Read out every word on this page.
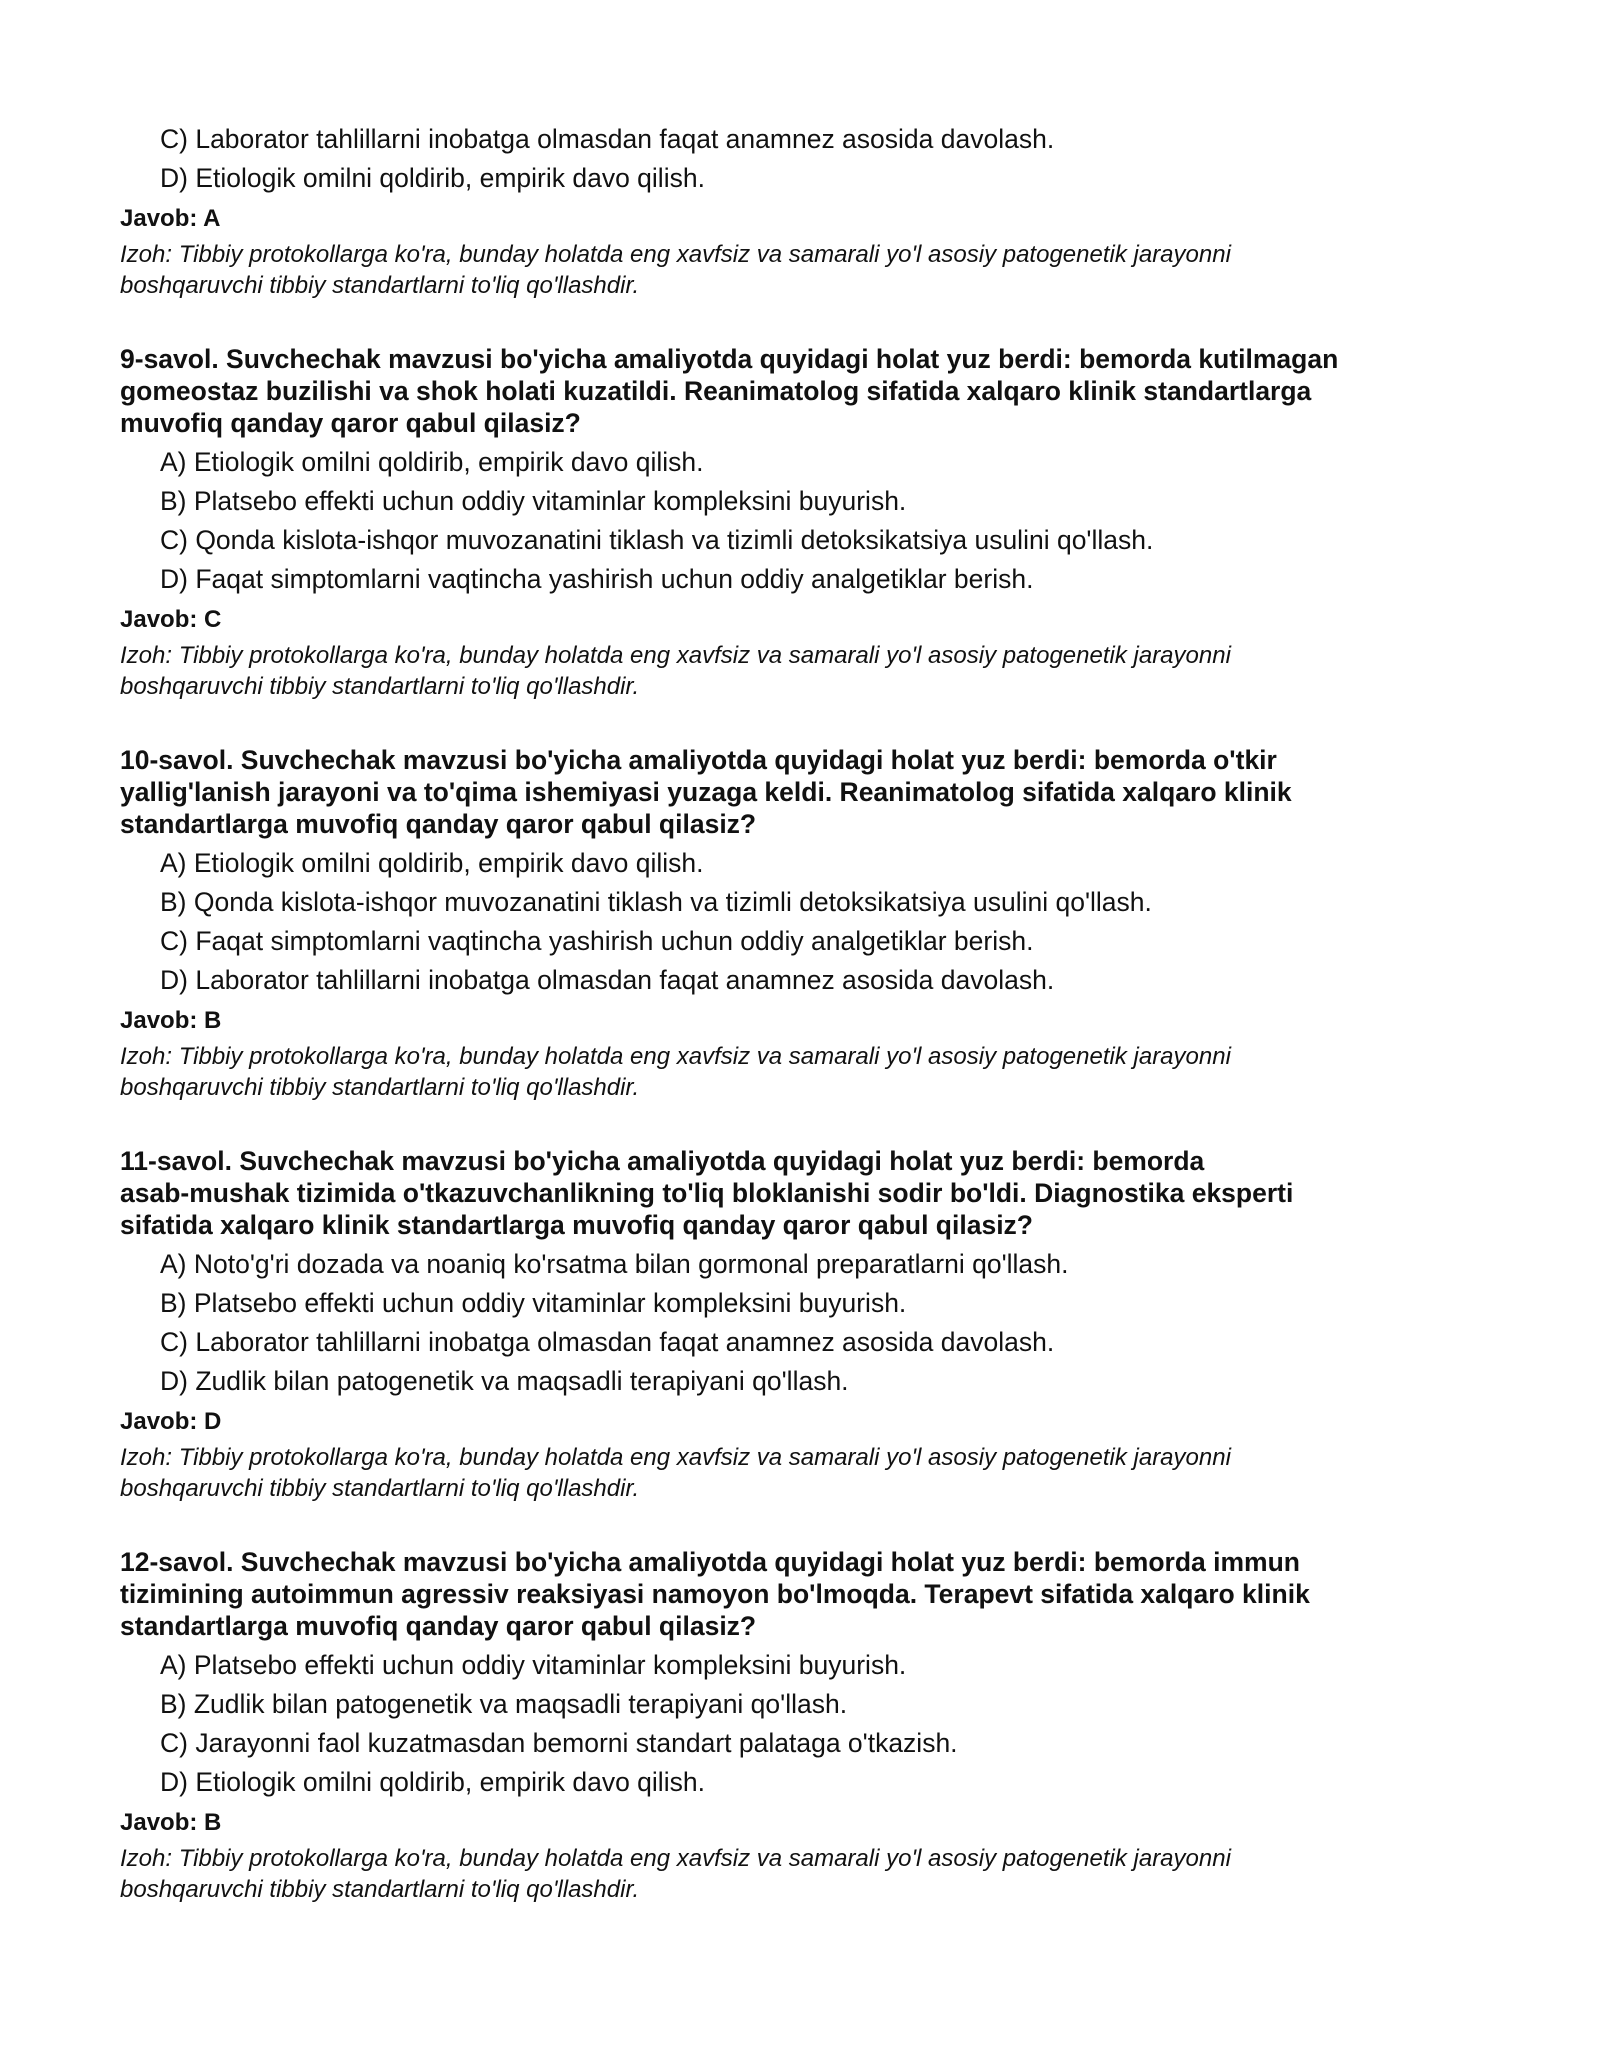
C) Laborator tahlillarni inobatga olmasdan faqat anamnez asosida davolash.
D) Etiologik omilni qoldirib, empirik davo qilish.
Javob: A
Izoh: Tibbiy protokollarga ko'ra, bunday holatda eng xavfsiz va samarali yo'l asosiy patogenetik jarayonni
boshqaruvchi tibbiy standartlarni to'liq qo'llashdir.
9-savol. Suvchechak mavzusi bo'yicha amaliyotda quyidagi holat yuz berdi: bemorda kutilmagan
gomeostaz buzilishi va shok holati kuzatildi. Reanimatolog sifatida xalqaro klinik standartlarga
muvofiq qanday qaror qabul qilasiz?
A) Etiologik omilni qoldirib, empirik davo qilish.
B) Platsebo effekti uchun oddiy vitaminlar kompleksini buyurish.
C) Qonda kislota-ishqor muvozanatini tiklash va tizimli detoksikatsiya usulini qo'llash.
D) Faqat simptomlarni vaqtincha yashirish uchun oddiy analgetiklar berish.
Javob: C
Izoh: Tibbiy protokollarga ko'ra, bunday holatda eng xavfsiz va samarali yo'l asosiy patogenetik jarayonni
boshqaruvchi tibbiy standartlarni to'liq qo'llashdir.
10-savol. Suvchechak mavzusi bo'yicha amaliyotda quyidagi holat yuz berdi: bemorda o'tkir
yallig'lanish jarayoni va to'qima ishemiyasi yuzaga keldi. Reanimatolog sifatida xalqaro klinik
standartlarga muvofiq qanday qaror qabul qilasiz?
A) Etiologik omilni qoldirib, empirik davo qilish.
B) Qonda kislota-ishqor muvozanatini tiklash va tizimli detoksikatsiya usulini qo'llash.
C) Faqat simptomlarni vaqtincha yashirish uchun oddiy analgetiklar berish.
D) Laborator tahlillarni inobatga olmasdan faqat anamnez asosida davolash.
Javob: B
Izoh: Tibbiy protokollarga ko'ra, bunday holatda eng xavfsiz va samarali yo'l asosiy patogenetik jarayonni
boshqaruvchi tibbiy standartlarni to'liq qo'llashdir.
11-savol. Suvchechak mavzusi bo'yicha amaliyotda quyidagi holat yuz berdi: bemorda
asab-mushak tizimida o'tkazuvchanlikning to'liq bloklanishi sodir bo'ldi. Diagnostika eksperti
sifatida xalqaro klinik standartlarga muvofiq qanday qaror qabul qilasiz?
A) Noto'g'ri dozada va noaniq ko'rsatma bilan gormonal preparatlarni qo'llash.
B) Platsebo effekti uchun oddiy vitaminlar kompleksini buyurish.
C) Laborator tahlillarni inobatga olmasdan faqat anamnez asosida davolash.
D) Zudlik bilan patogenetik va maqsadli terapiyani qo'llash.
Javob: D
Izoh: Tibbiy protokollarga ko'ra, bunday holatda eng xavfsiz va samarali yo'l asosiy patogenetik jarayonni
boshqaruvchi tibbiy standartlarni to'liq qo'llashdir.
12-savol. Suvchechak mavzusi bo'yicha amaliyotda quyidagi holat yuz berdi: bemorda immun
tizimining autoimmun agressiv reaksiyasi namoyon bo'lmoqda. Terapevt sifatida xalqaro klinik
standartlarga muvofiq qanday qaror qabul qilasiz?
A) Platsebo effekti uchun oddiy vitaminlar kompleksini buyurish.
B) Zudlik bilan patogenetik va maqsadli terapiyani qo'llash.
C) Jarayonni faol kuzatmasdan bemorni standart palataga o'tkazish.
D) Etiologik omilni qoldirib, empirik davo qilish.
Javob: B
Izoh: Tibbiy protokollarga ko'ra, bunday holatda eng xavfsiz va samarali yo'l asosiy patogenetik jarayonni
boshqaruvchi tibbiy standartlarni to'liq qo'llashdir.
